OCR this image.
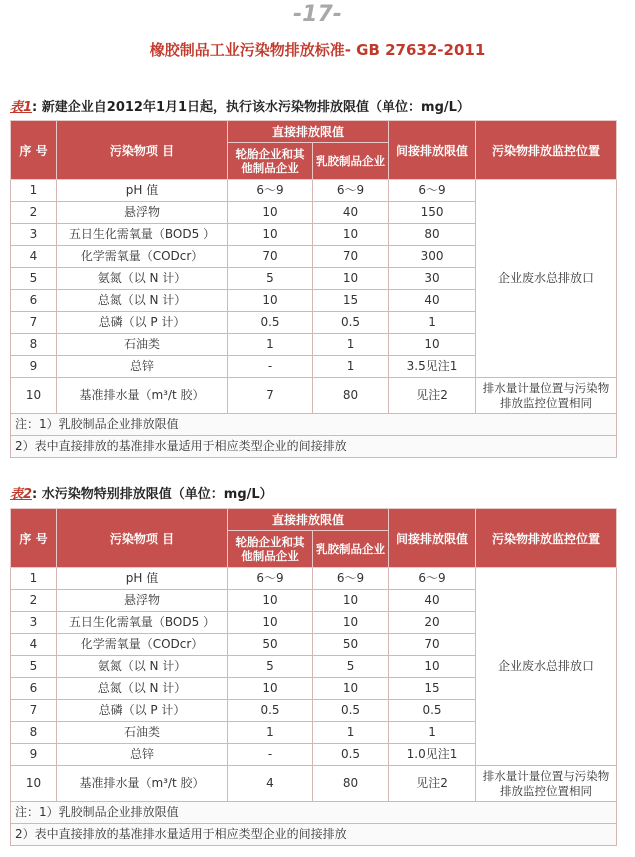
-17-
橡胶制品工业污染物排放标准- GB 27632-2011
表1: 新建企业自2012年1月1日起，执行该水污染物排放限值（单位：mg/L）
序 号	污染物项 目	直接排放限值		间接排放限值	污染物排放监控位置
		轮胎企业和其他制品企业	乳胶制品企业		
1	pH 值	6～9	6～9	6～9	企业废水总排放口
2	悬浮物	10	40	150	
3	五日生化需氧量（BOD5 ）	10	10	80	
4	化学需氧量（CODcr）	70	70	300	
5	氨氮（以 N 计）	5	10	30	
6	总氮（以 N 计）	10	15	40	
7	总磷（以 P 计）	0.5	0.5	1	
8	石油类	1	1	10	
9	总锌	-	1	3.5见注1	
10	基准排水量（m³/t 胶）	7	80	见注2	排水量计量位置与污染物排放监控位置相同
注：1）乳胶制品企业排放限值					
2）表中直接排放的基准排水量适用于相应类型企业的间接排放					
表2: 水污染物特别排放限值（单位：mg/L）
序 号	污染物项 目	直接排放限值		间接排放限值	污染物排放监控位置
		轮胎企业和其他制品企业	乳胶制品企业		
1	pH 值	6～9	6～9	6～9	企业废水总排放口
2	悬浮物	10	10	40	
3	五日生化需氧量（BOD5 ）	10	10	20	
4	化学需氧量（CODcr）	50	50	70	
5	氨氮（以 N 计）	5	5	10	
6	总氮（以 N 计）	10	10	15	
7	总磷（以 P 计）	0.5	0.5	0.5	
8	石油类	1	1	1	
9	总锌	-	0.5	1.0见注1	
10	基准排水量（m³/t 胶）	4	80	见注2	排水量计量位置与污染物排放监控位置相同
注：1）乳胶制品企业排放限值					
2）表中直接排放的基准排水量适用于相应类型企业的间接排放					
